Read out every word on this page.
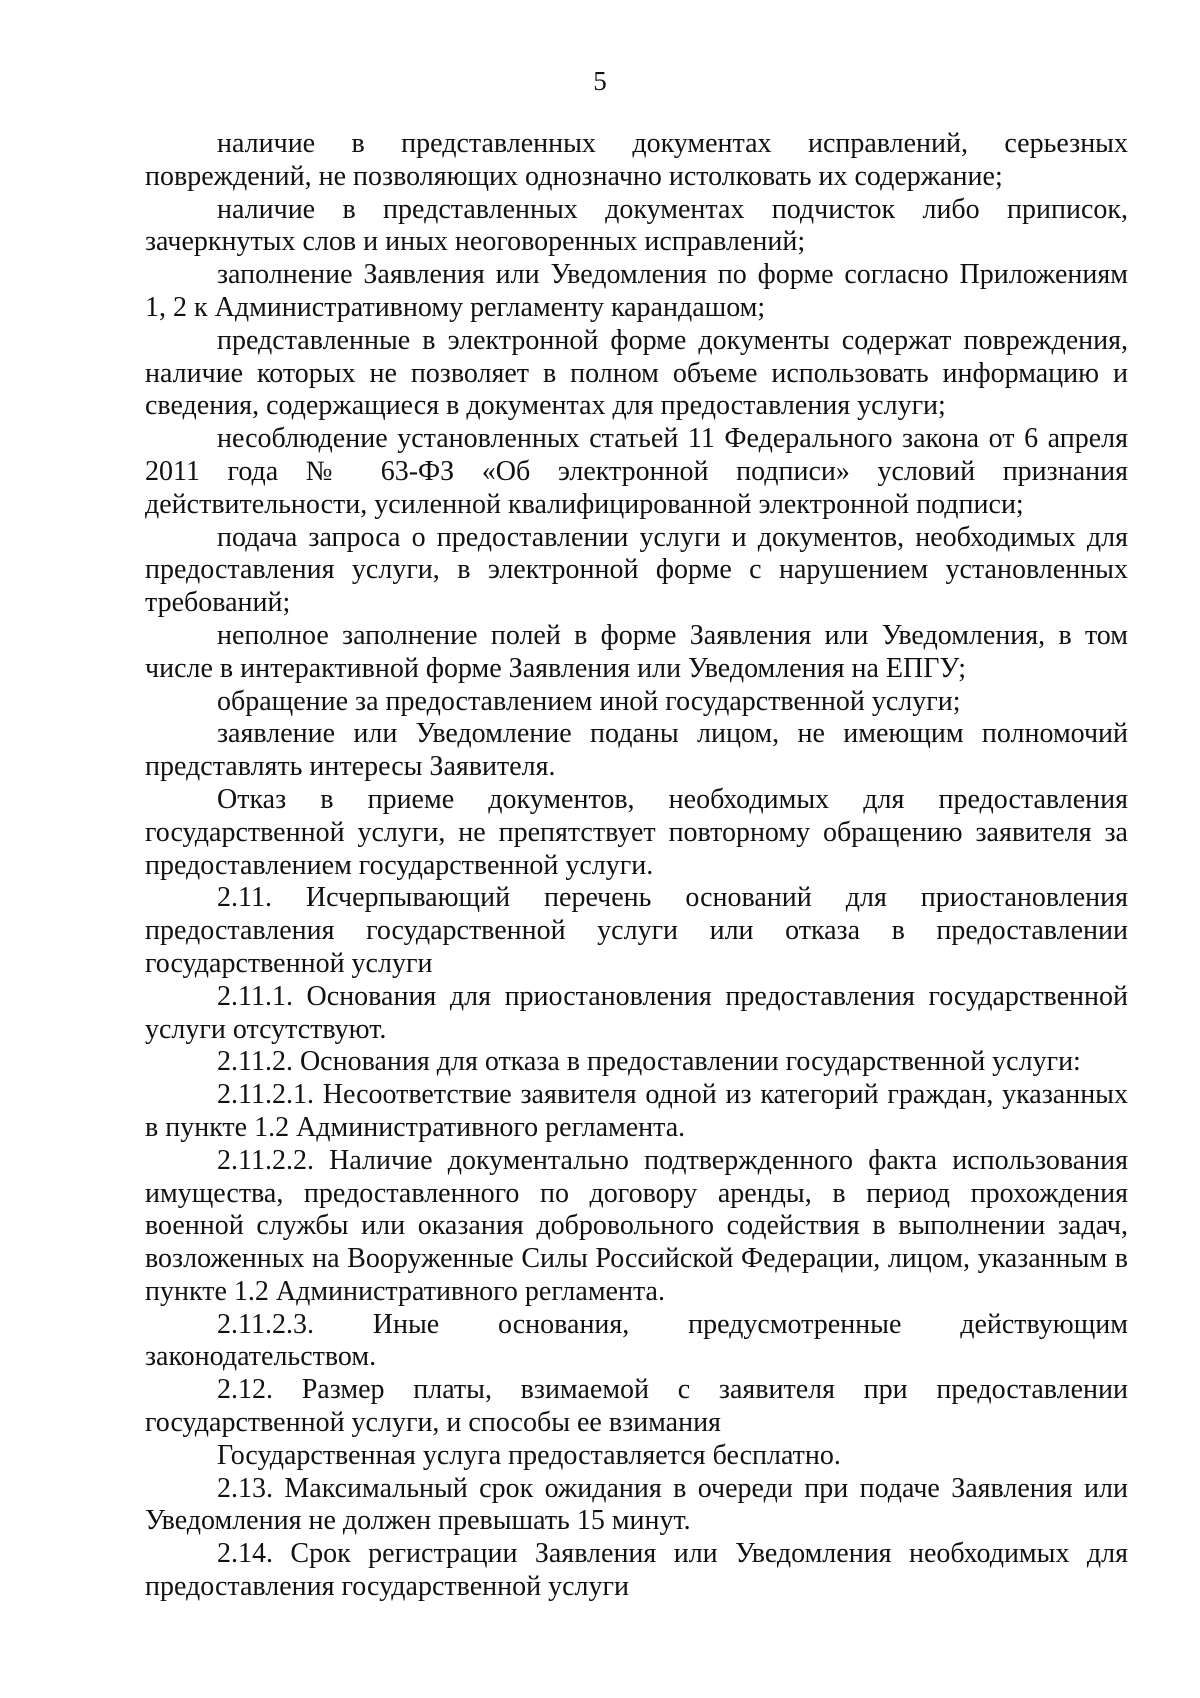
5

наличие в представленных документах исправлений, серьезных повреждений, не позволяющих однозначно истолковать их содержание;

наличие в представленных документах подчисток либо приписок, зачеркнутых слов и иных неоговоренных исправлений;

заполнение Заявления или Уведомления по форме согласно Приложениям 1, 2 к Административному регламенту карандашом;

представленные в электронной форме документы содержат повреждения, наличие которых не позволяет в полном объеме использовать информацию и сведения, содержащиеся в документах для предоставления услуги;

несоблюдение установленных статьей 11 Федерального закона от 6 апреля 2011 года № 63-ФЗ «Об электронной подписи» условий признания действительности, усиленной квалифицированной электронной подписи;

подача запроса о предоставлении услуги и документов, необходимых для предоставления услуги, в электронной форме с нарушением установленных требований;

неполное заполнение полей в форме Заявления или Уведомления, в том числе в интерактивной форме Заявления или Уведомления на ЕПГУ;

обращение за предоставлением иной государственной услуги;

заявление или Уведомление поданы лицом, не имеющим полномочий представлять интересы Заявителя.

Отказ в приеме документов, необходимых для предоставления государственной услуги, не препятствует повторному обращению заявителя за предоставлением государственной услуги.

2.11. Исчерпывающий перечень оснований для приостановления предоставления государственной услуги или отказа в предоставлении государственной услуги

2.11.1. Основания для приостановления предоставления государственной услуги отсутствуют.

2.11.2. Основания для отказа в предоставлении государственной услуги:

2.11.2.1. Несоответствие заявителя одной из категорий граждан, указанных в пункте 1.2 Административного регламента.

2.11.2.2. Наличие документально подтвержденного факта использования имущества, предоставленного по договору аренды, в период прохождения военной службы или оказания добровольного содействия в выполнении задач, возложенных на Вооруженные Силы Российской Федерации, лицом, указанным в пункте 1.2 Административного регламента.

2.11.2.3. Иные основания, предусмотренные действующим законодательством.

2.12. Размер платы, взимаемой с заявителя при предоставлении государственной услуги, и способы ее взимания

Государственная услуга предоставляется бесплатно.

2.13. Максимальный срок ожидания в очереди при подаче Заявления или Уведомления не должен превышать 15 минут.

2.14. Срок регистрации Заявления или Уведомления необходимых для предоставления государственной услуги
